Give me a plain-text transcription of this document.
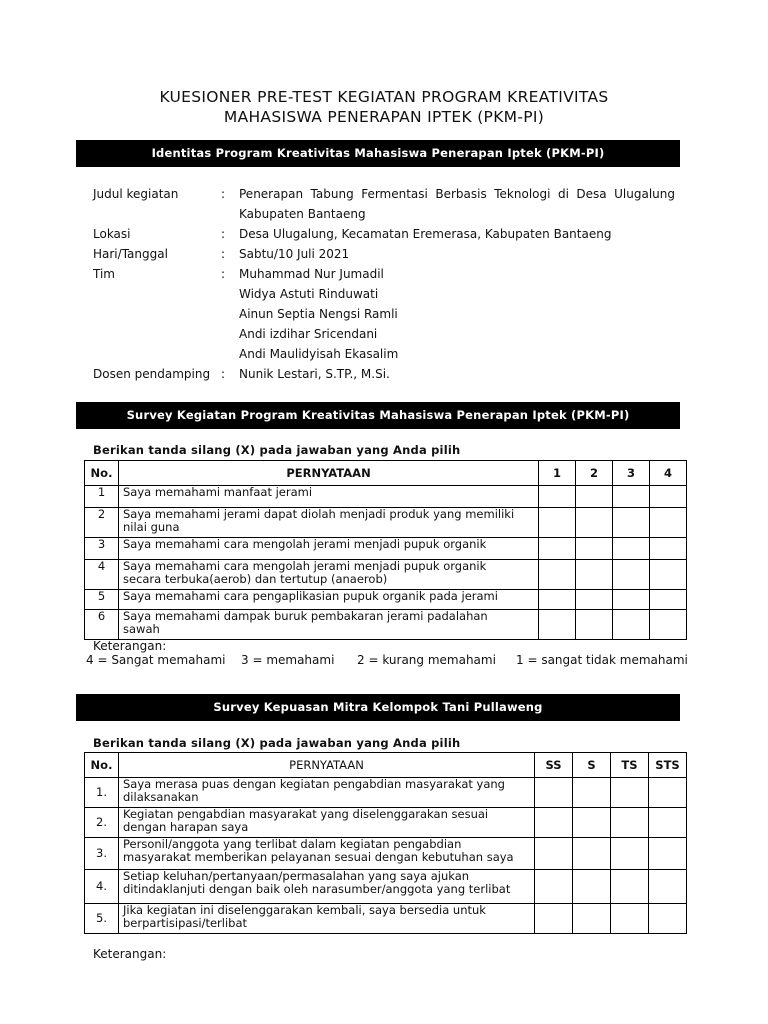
KUESIONER PRE-TEST KEGIATAN PROGRAM KREATIVITAS
MAHASISWA PENERAPAN IPTEK (PKM-PI)
Identitas Program Kreativitas Mahasiswa Penerapan Iptek (PKM-PI)
Judul kegiatan	: Penerapan Tabung Fermentasi Berbasis Teknologi di Desa Ulugalung
Kabupaten Bantaeng
Lokasi	: Desa Ulugalung, Kecamatan Eremerasa, Kabupaten Bantaeng
Hari/Tanggal	: Sabtu/10 Juli 2021
Tim	: Muhammad Nur Jumadil
Widya Astuti Rinduwati
Ainun Septia Nengsi Ramli
Andi izdihar Sricendani
Andi Maulidyisah Ekasalim
Dosen pendamping : Nunik Lestari, S.TP., M.Si.
Survey Kegiatan Program Kreativitas Mahasiswa Penerapan Iptek (PKM-PI)
Berikan tanda silang (X) pada jawaban yang Anda pilih
No.	PERNYATAAN	1	2	3	4
1	Saya memahami manfaat jerami				

2	Saya memahami jerami dapat diolah menjadi produk yang memiliki
nilai guna				

3	Saya memahami cara mengolah jerami menjadi pupuk organik				

4	Saya memahami cara mengolah jerami menjadi pupuk organik
secara terbuka(aerob) dan tertutup (anaerob)				

5	Saya memahami cara pengaplikasian pupuk organik pada jerami				

6	Saya memahami dampak buruk pembakaran jerami padalahan
sawah				

Keterangan:
4 = Sangat memahami 3 = memahami 2 = kurang memahami 1 = sangat tidak memahami
Survey Kepuasan Mitra Kelompok Tani Pullaweng
Berikan tanda silang (X) pada jawaban yang Anda pilih
No.	PERNYATAAN	SS	S	TS	STS
1.	Saya merasa puas dengan kegiatan pengabdian masyarakat yang
dilaksanakan				

2.	Kegiatan pengabdian masyarakat yang diselenggarakan sesuai
dengan harapan saya				

3.	Personil/anggota yang terlibat dalam kegiatan pengabdian
masyarakat memberikan pelayanan sesuai dengan kebutuhan saya				

4.	Setiap keluhan/pertanyaan/permasalahan yang saya ajukan
ditindaklanjuti dengan baik oleh narasumber/anggota yang terlibat				

5.	Jika kegiatan ini diselenggarakan kembali, saya bersedia untuk
berpartisipasi/terlibat				

Keterangan:
